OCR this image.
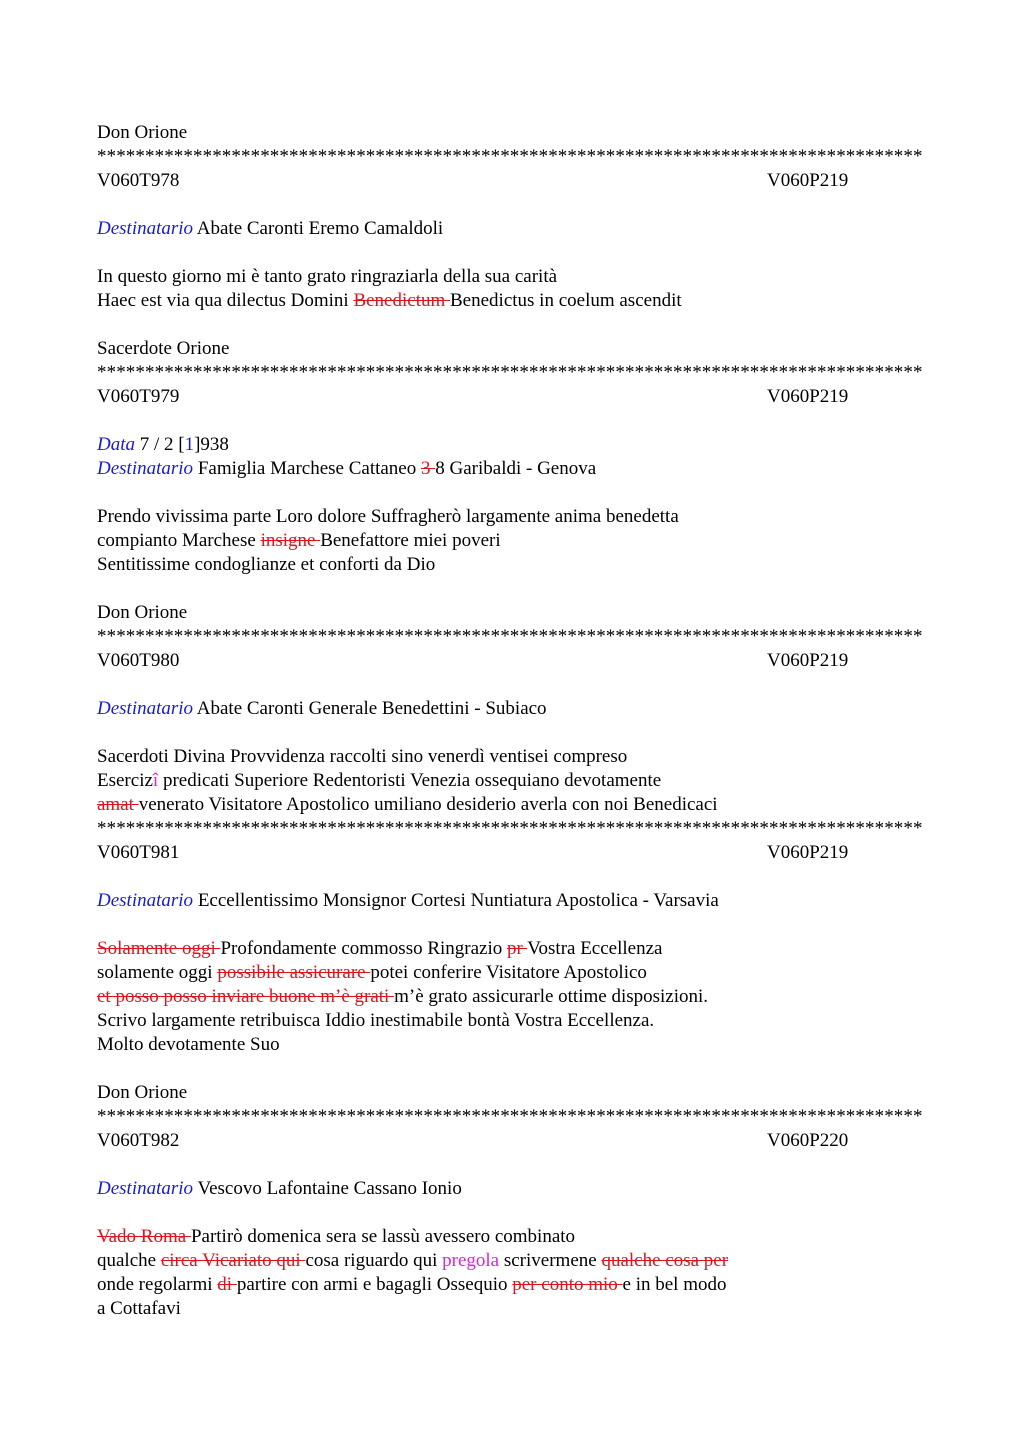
Don Orione
**************************************************************************************
V060T978	V060P219
Destinatario Abate Caronti Eremo Camaldoli
In questo giorno mi è tanto grato ringraziarla della sua carità
Haec est via qua dilectus Domini Benedictum Benedictus in coelum ascendit
Sacerdote Orione
**************************************************************************************
V060T979	V060P219
Data 7 / 2 [1]938
Destinatario Famiglia Marchese Cattaneo 3 8 Garibaldi - Genova
Prendo vivissima parte Loro dolore Suffragherò largamente anima benedetta
compianto Marchese insigne Benefattore miei poveri
Sentitissime condoglianze et conforti da Dio
Don Orione
**************************************************************************************
V060T980	V060P219
Destinatario Abate Caronti Generale Benedettini - Subiaco
Sacerdoti Divina Provvidenza raccolti sino venerdì ventisei compreso
Esercizî predicati Superiore Redentoristi Venezia ossequiano devotamente
amat venerato Visitatore Apostolico umiliano desiderio averla con noi Benedicaci
**************************************************************************************
V060T981	V060P219
Destinatario Eccellentissimo Monsignor Cortesi Nuntiatura Apostolica - Varsavia
Solamente oggi Profondamente commosso Ringrazio pr Vostra Eccellenza
solamente oggi possibile assicurare potei conferire Visitatore Apostolico
et posso posso inviare buone m’è grati m’è grato assicurarle ottime disposizioni.
Scrivo largamente retribuisca Iddio inestimabile bontà Vostra Eccellenza.
Molto devotamente Suo
Don Orione
**************************************************************************************
V060T982	V060P220
Destinatario Vescovo Lafontaine Cassano Ionio
Vado Roma Partirò domenica sera se lassù avessero combinato
qualche circa Vicariato qui cosa riguardo qui pregola scrivermene qualche cosa per
onde regolarmi di partire con armi e bagagli Ossequio per conto mio e in bel modo
a Cottafavi
